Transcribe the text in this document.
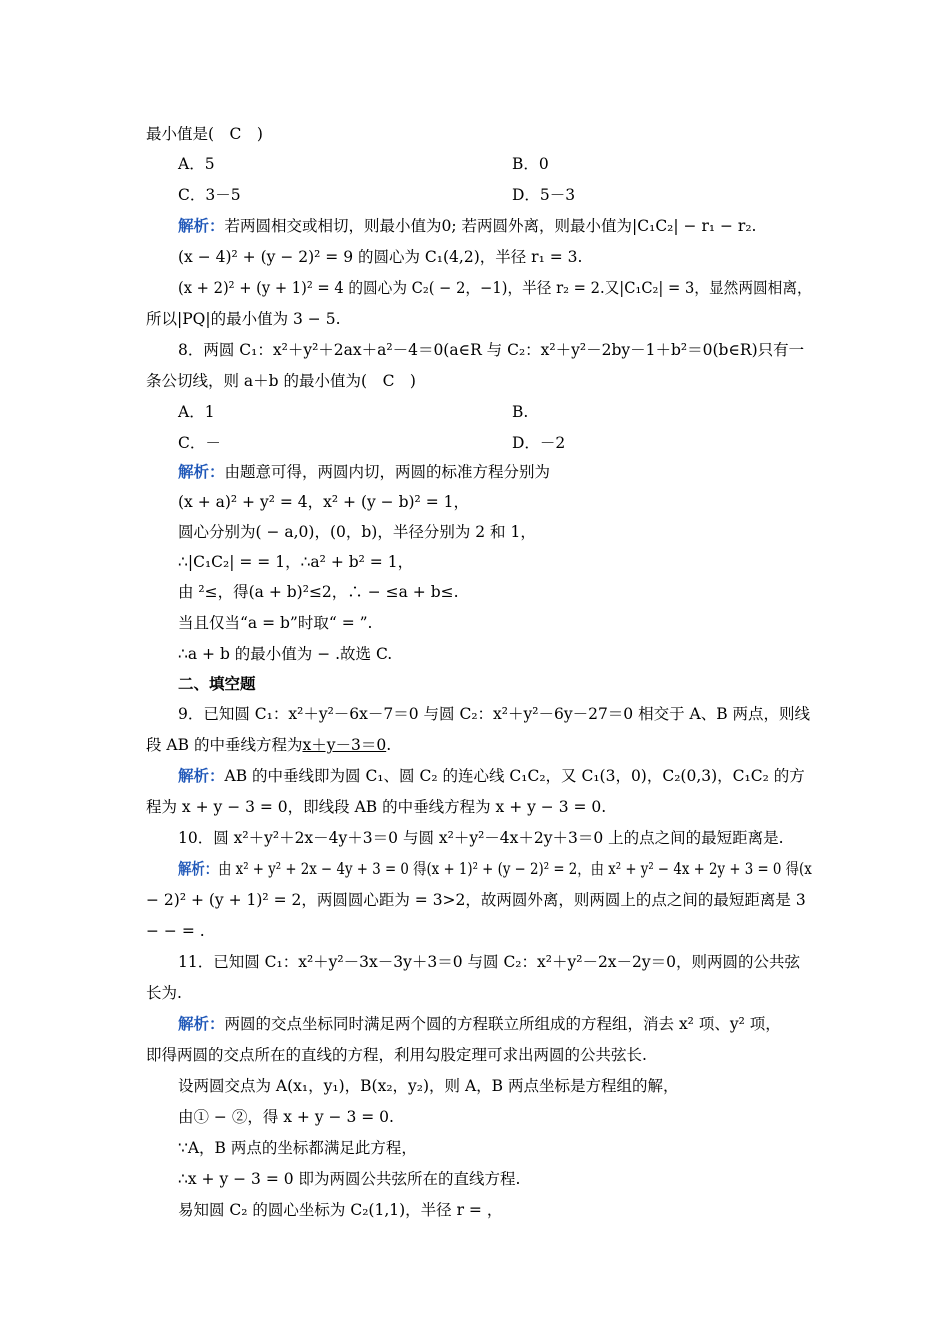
最小值是(　C　)
A．5	B．0
C．3－5	D．5－3
解析：若两圆相交或相切，则最小值为0; 若两圆外离，则最小值为|C₁C₂| − r₁ − r₂.
(x − 4)² + (y − 2)² = 9 的圆心为 C₁(4,2)，半径 r₁ = 3.
(x + 2)² + (y + 1)² = 4 的圆心为 C₂( − 2，−1)，半径 r₂ = 2.又|C₁C₂| = 3，显然两圆相离，
所以|PQ|的最小值为 3 − 5.
8．两圆 C₁：x²＋y²＋2ax＋a²－4＝0(a∈R 与 C₂：x²＋y²－2by－1＋b²＝0(b∈R)只有一
条公切线，则 a＋b 的最小值为(　C　)
A．1	B.
C．－	D．－2
解析：由题意可得，两圆内切，两圆的标准方程分别为
(x + a)² + y² = 4，x² + (y − b)² = 1，
圆心分别为( − a,0)，(0，b)，半径分别为 2 和 1，
∴|C₁C₂| = = 1，∴a² + b² = 1，
由 ²≤，得(a + b)²≤2，∴ − ≤a + b≤.
当且仅当“a = b”时取“ = ”.
∴a + b 的最小值为 − .故选 C.
二、填空题
9．已知圆 C₁：x²＋y²－6x－7＝0 与圆 C₂：x²＋y²－6y－27＝0 相交于 A、B 两点，则线
段 AB 的中垂线方程为x＋y－3＝0.
解析：AB 的中垂线即为圆 C₁、圆 C₂ 的连心线 C₁C₂，又 C₁(3，0)，C₂(0,3)，C₁C₂ 的方
程为 x + y − 3 = 0，即线段 AB 的中垂线方程为 x + y − 3 = 0.
10．圆 x²＋y²＋2x－4y＋3＝0 与圆 x²＋y²－4x＋2y＋3＝0 上的点之间的最短距离是.
解析：由 x² + y² + 2x − 4y + 3 = 0 得(x + 1)² + (y − 2)² = 2，由 x² + y² − 4x + 2y + 3 = 0 得(x
− 2)² + (y + 1)² = 2，两圆圆心距为 = 3>2，故两圆外离，则两圆上的点之间的最短距离是 3
− − = .
11．已知圆 C₁：x²＋y²－3x－3y＋3＝0 与圆 C₂：x²＋y²－2x－2y＝0，则两圆的公共弦
长为.
解析：两圆的交点坐标同时满足两个圆的方程联立所组成的方程组，消去 x² 项、y² 项，
即得两圆的交点所在的直线的方程，利用勾股定理可求出两圆的公共弦长.
设两圆交点为 A(x₁，y₁)，B(x₂，y₂)，则 A，B 两点坐标是方程组的解，
由① − ②，得 x + y − 3 = 0.
∵A，B 两点的坐标都满足此方程，
∴x + y − 3 = 0 即为两圆公共弦所在的直线方程.
易知圆 C₂ 的圆心坐标为 C₂(1,1)，半径 r = ，
